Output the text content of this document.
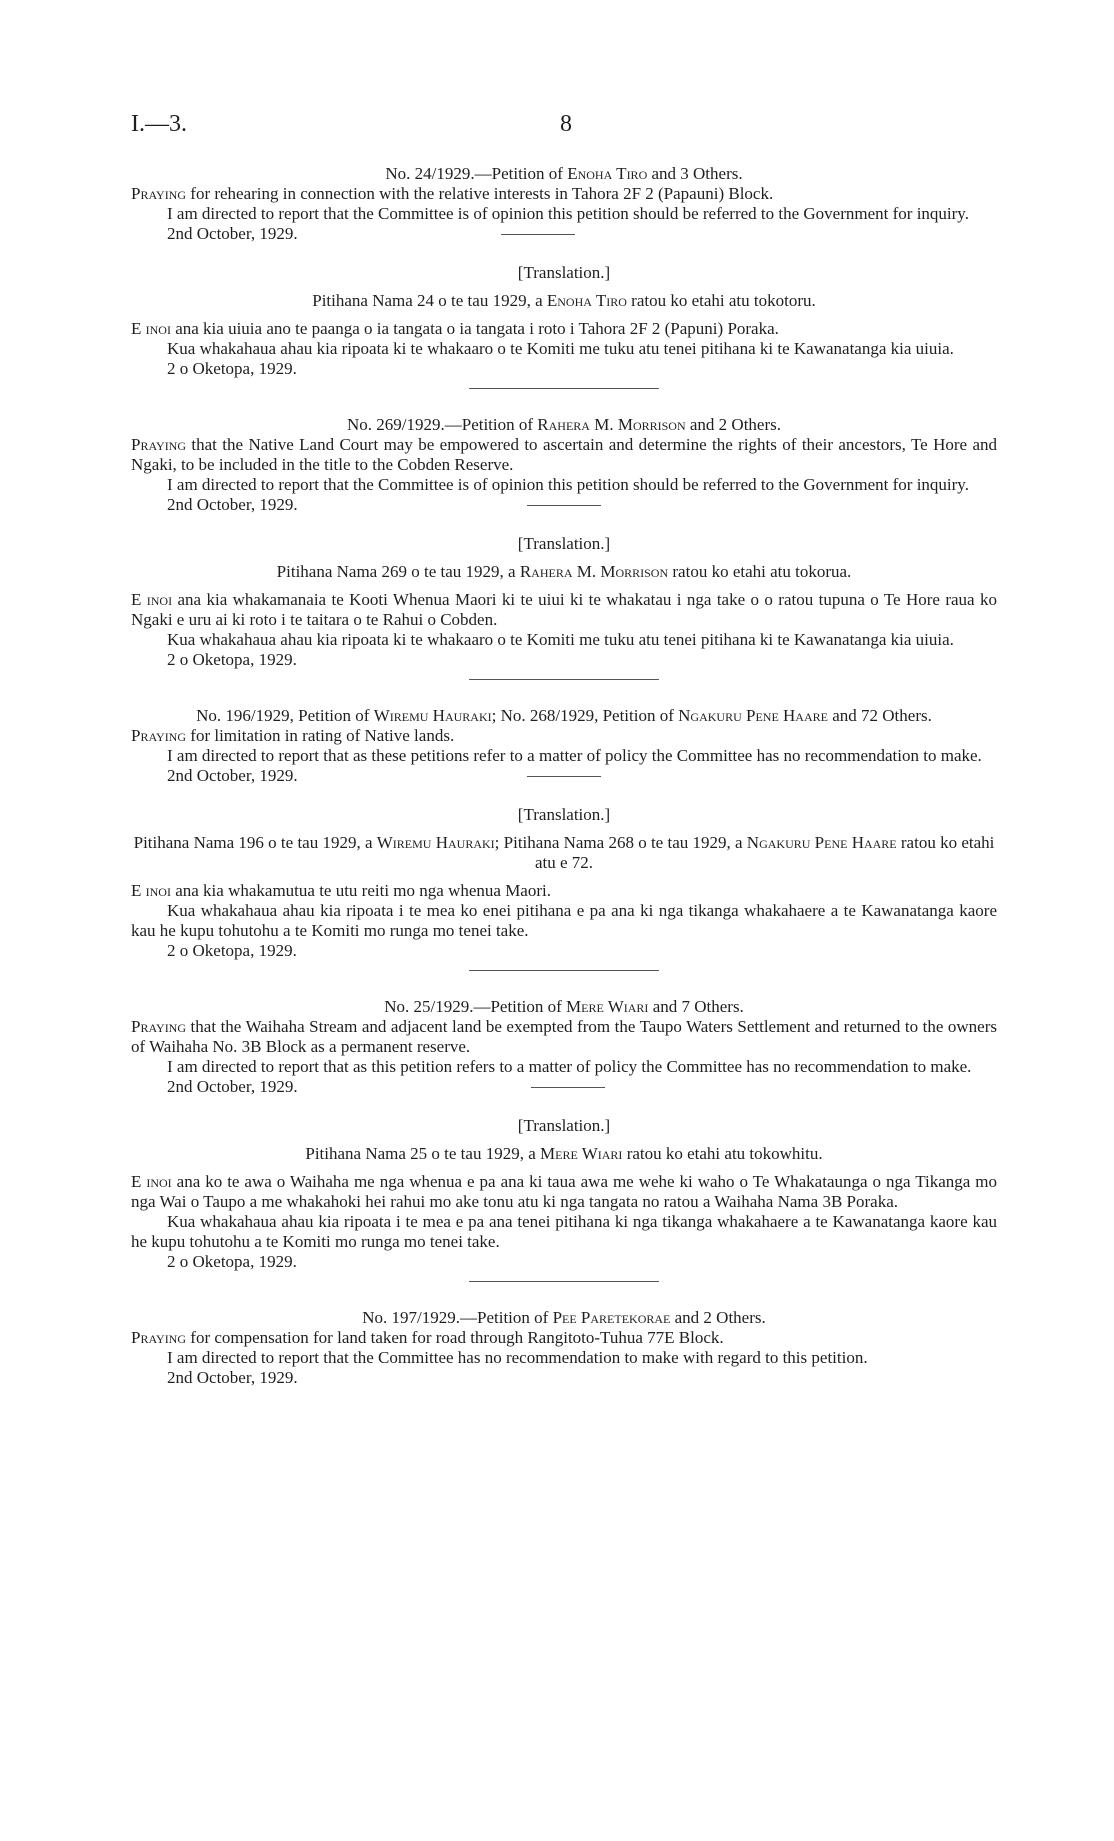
I.—3.	8
No. 24/1929.—Petition of Enoha Tiro and 3 Others.
Praying for rehearing in connection with the relative interests in Tahora 2F 2 (Papauni) Block.
I am directed to report that the Committee is of opinion this petition should be referred to the Government for inquiry.
2nd October, 1929.
[Translation.]
Pitihana Nama 24 o te tau 1929, a Enoha Tiro ratou ko etahi atu tokotoru.
E inoi ana kia uiuia ano te paanga o ia tangata o ia tangata i roto i Tahora 2F 2 (Papuni) Poraka.
Kua whakahaua ahau kia ripoata ki te whakaaro o te Komiti me tuku atu tenei pitihana ki te Kawanatanga kia uiuia.
2 o Oketopa, 1929.
No. 269/1929.—Petition of Rahera M. Morrison and 2 Others.
Praying that the Native Land Court may be empowered to ascertain and determine the rights of their ancestors, Te Hore and Ngaki, to be included in the title to the Cobden Reserve.
I am directed to report that the Committee is of opinion this petition should be referred to the Government for inquiry.
2nd October, 1929.
[Translation.]
Pitihana Nama 269 o te tau 1929, a Rahera M. Morrison ratou ko etahi atu tokorua.
E inoi ana kia whakamanaia te Kooti Whenua Maori ki te uiui ki te whakatau i nga take o o ratou tupuna o Te Hore raua ko Ngaki e uru ai ki roto i te taitara o te Rahui o Cobden.
Kua whakahaua ahau kia ripoata ki te whakaaro o te Komiti me tuku atu tenei pitihana ki te Kawanatanga kia uiuia.
2 o Oketopa, 1929.
No. 196/1929, Petition of Wiremu Hauraki; No. 268/1929, Petition of Ngakuru Pene Haare and 72 Others.
Praying for limitation in rating of Native lands.
I am directed to report that as these petitions refer to a matter of policy the Committee has no recommendation to make.
2nd October, 1929.
[Translation.]
Pitihana Nama 196 o te tau 1929, a Wiremu Hauraki; Pitihana Nama 268 o te tau 1929, a Ngakuru Pene Haare ratou ko etahi atu e 72.
E inoi ana kia whakamutua te utu reiti mo nga whenua Maori.
Kua whakahaua ahau kia ripoata i te mea ko enei pitihana e pa ana ki nga tikanga whakahaere a te Kawanatanga kaore kau he kupu tohutohu a te Komiti mo runga mo tenei take.
2 o Oketopa, 1929.
No. 25/1929.—Petition of Mere Wiari and 7 Others.
Praying that the Waihaha Stream and adjacent land be exempted from the Taupo Waters Settlement and returned to the owners of Waihaha No. 3B Block as a permanent reserve.
I am directed to report that as this petition refers to a matter of policy the Committee has no recommendation to make.
2nd October, 1929.
[Translation.]
Pitihana Nama 25 o te tau 1929, a Mere Wiari ratou ko etahi atu tokowhitu.
E inoi ana ko te awa o Waihaha me nga whenua e pa ana ki taua awa me wehe ki waho o Te Whakataunga o nga Tikanga mo nga Wai o Taupo a me whakahoki hei rahui mo ake tonu atu ki nga tangata no ratou a Waihaha Nama 3B Poraka.
Kua whakahaua ahau kia ripoata i te mea e pa ana tenei pitihana ki nga tikanga whakahaere a te Kawanatanga kaore kau he kupu tohutohu a te Komiti mo runga mo tenei take.
2 o Oketopa, 1929.
No. 197/1929.—Petition of Pee Paretekorae and 2 Others.
Praying for compensation for land taken for road through Rangitoto-Tuhua 77E Block.
I am directed to report that the Committee has no recommendation to make with regard to this petition.
2nd October, 1929.
